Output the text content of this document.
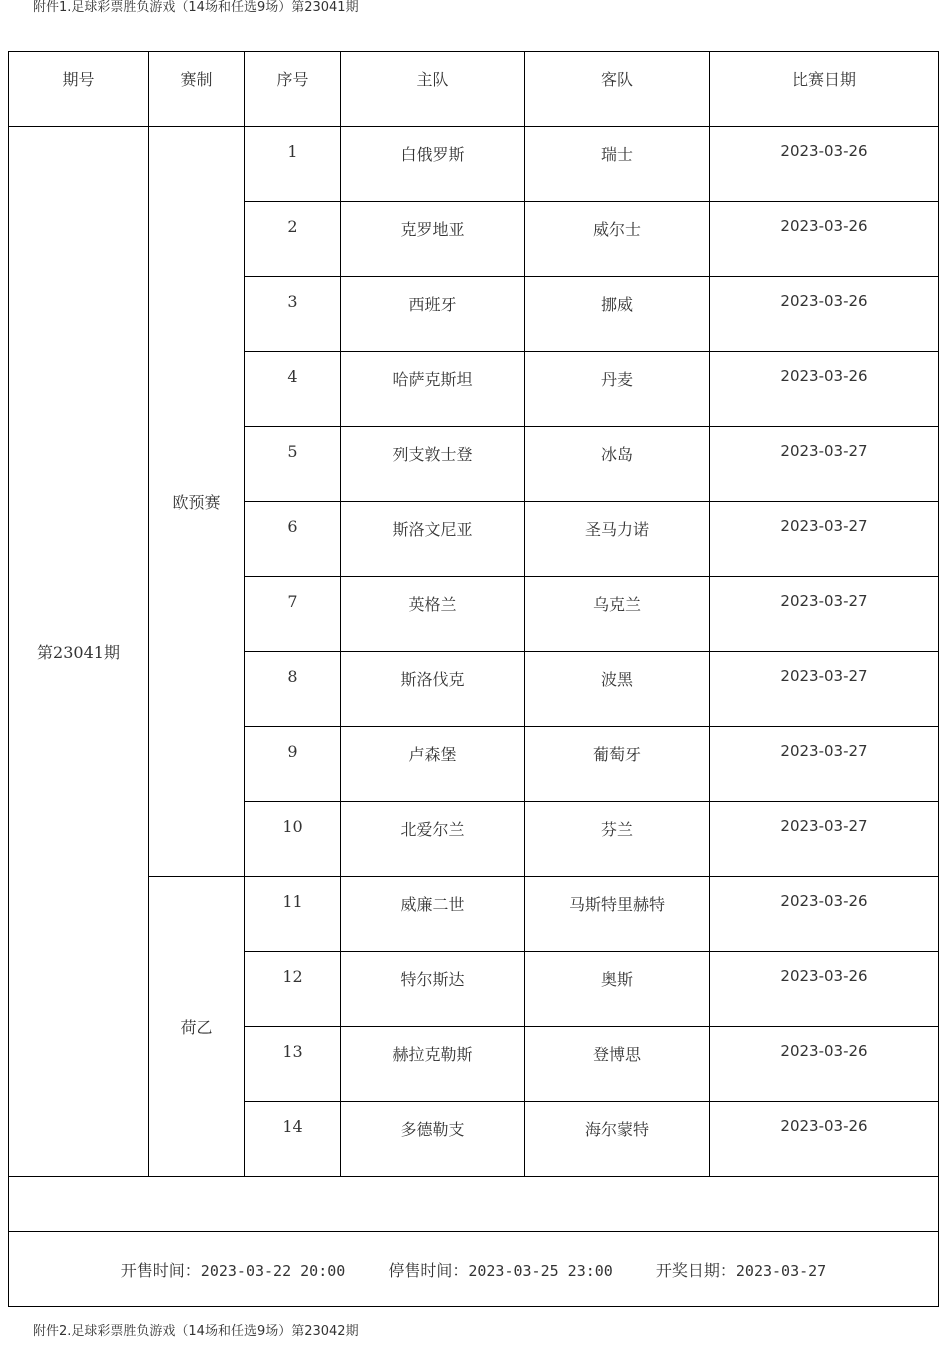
附件1.足球彩票胜负游戏（14场和任选9场）第23041期
期号	赛制	序号	主队	客队	比赛日期

第23041期	欧预赛	1	白俄罗斯	瑞士	2023-03-26

		2	克罗地亚	威尔士	2023-03-26

		3	西班牙	挪威	2023-03-26

		4	哈萨克斯坦	丹麦	2023-03-26

		5	列支敦士登	冰岛	2023-03-27

		6	斯洛文尼亚	圣马力诺	2023-03-27

		7	英格兰	乌克兰	2023-03-27

		8	斯洛伐克	波黑	2023-03-27

		9	卢森堡	葡萄牙	2023-03-27

		10	北爱尔兰	芬兰	2023-03-27

	荷乙	11	威廉二世	马斯特里赫特	2023-03-26

		12	特尔斯达	奥斯	2023-03-26

		13	赫拉克勒斯	登博思	2023-03-26

		14	多德勒支	海尔蒙特	2023-03-26

开售时间：2023-03-22 20:00 停售时间：2023-03-25 23:00 开奖日期：2023-03-27					
附件2.足球彩票胜负游戏（14场和任选9场）第23042期
